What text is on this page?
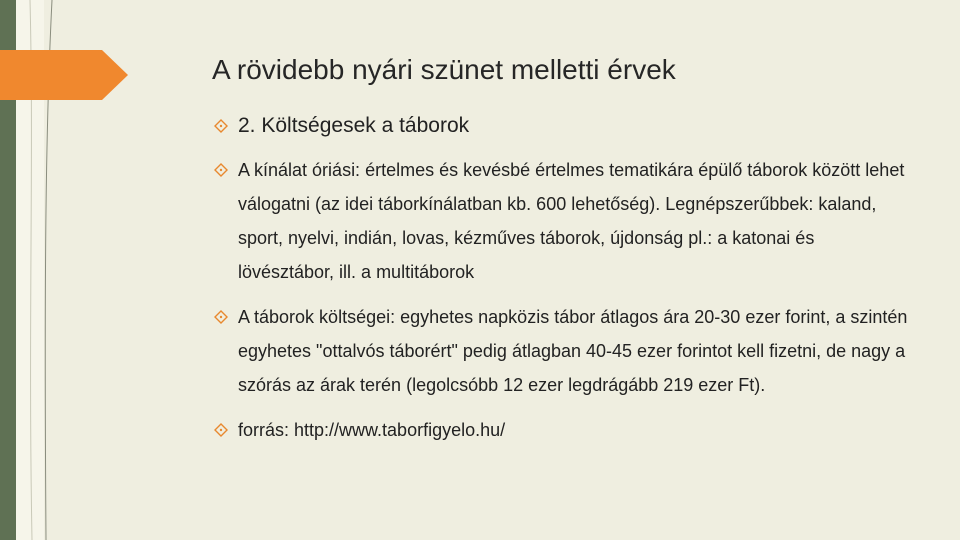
A rövidebb nyári szünet melletti érvek
2. Költségesek a táborok
A kínálat óriási: értelmes és kevésbé értelmes tematikára épülő táborok között lehet válogatni (az idei táborkínálatban kb. 600 lehetőség). Legnépszerűbbek: kaland, sport, nyelvi, indián, lovas, kézműves táborok, újdonság pl.: a katonai és lövésztábor, ill. a multitáborok
A táborok költségei: egyhetes napközis tábor átlagos ára 20-30 ezer forint, a szintén egyhetes "ottalvós táborért" pedig átlagban 40-45 ezer forintot kell fizetni, de nagy a szórás az árak terén (legolcsóbb 12 ezer legdrágább 219 ezer Ft).
forrás: http://www.taborfigyelo.hu/
